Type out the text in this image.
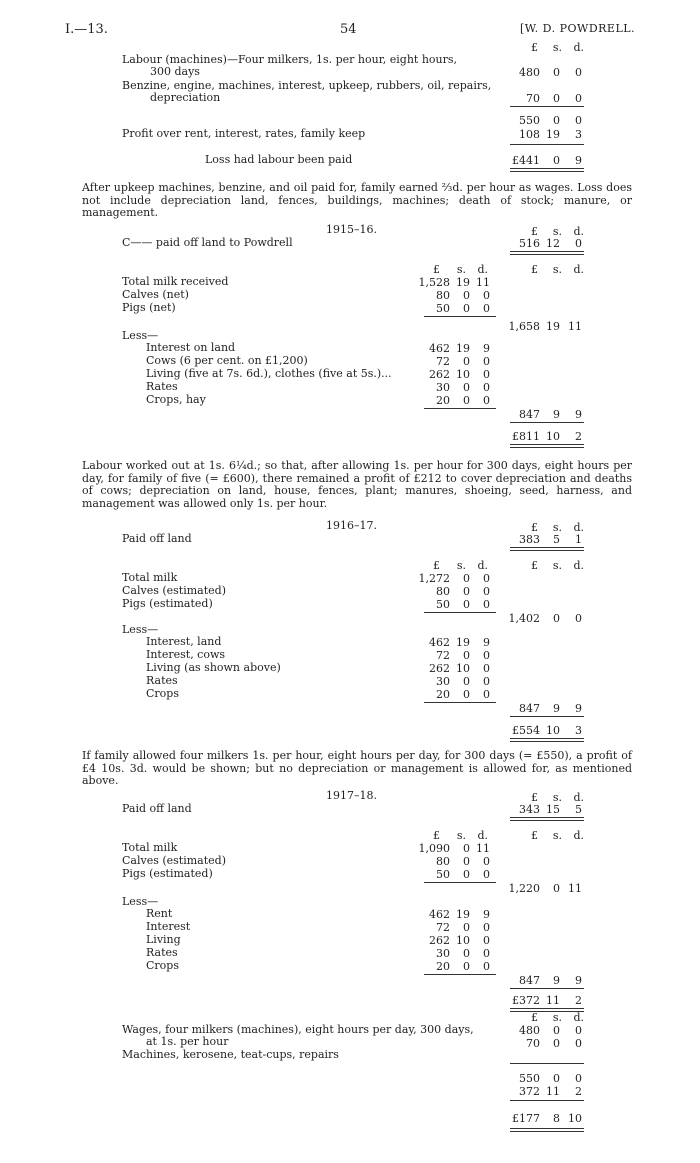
I.—13.	54	[W. D. POWDRELL.
£	s.	d.
Labour (machines)—Four milkers, 1s. per hour, eight hours,
300 days	480 0 0
Benzine, engine, machines, interest, upkeep, rubbers, oil, repairs,
depreciation	70 0 0
550 0 0
Profit over rent, interest, rates, family keep	108 19 3
Loss had labour been paid	£441 0 9
After upkeep machines, benzine, and oil paid for, family earned ⅔d. per hour as wages. Loss does not include depreciation land, fences, buildings, machines; death of stock; manure, or management.
1915–16.	£	s.	d.
C—— paid off land to Powdrell	516 12 0
£	s.	d.	£	s.	d.
Total milk received	1,528 19 11
Calves (net)	80 0 0
Pigs (net)	50 0 0
1,658 19 11
Less—
Interest on land	462 19 9
Cows (6 per cent. on £1,200)	72 0 0
Living (five at 7s. 6d.), clothes (five at 5s.)...	262 10 0
Rates	30 0 0
Crops, hay	20 0 0
847 9 9
£811 10 2
Labour worked out at 1s. 6¼d.; so that, after allowing 1s. per hour for 300 days, eight hours per day, for family of five (= £600), there remained a profit of £212 to cover depreciation and deaths of cows; depreciation on land, house, fences, plant; manures, shoeing, seed, harness, and management was allowed only 1s. per hour.
1916–17.	£	s.	d.
Paid off land	383 5 1
£	s.	d.	£	s.	d.
Total milk	1,272 0 0
Calves (estimated)	80 0 0
Pigs (estimated)	50 0 0
1,402 0 0
Less—
Interest, land	462 19 9
Interest, cows	72 0 0
Living (as shown above)	262 10 0
Rates	30 0 0
Crops	20 0 0
847 9 9
£554 10 3
If family allowed four milkers 1s. per hour, eight hours per day, for 300 days (= £550), a profit of £4 10s. 3d. would be shown; but no depreciation or management is allowed for, as mentioned above.
1917–18.	£	s.	d.
Paid off land	343 15 5
£	s.	d.	£	s.	d.
Total milk	1,090 0 11
Calves (estimated)	80 0 0
Pigs (estimated)	50 0 0
1,220 0 11
Less—
Rent	462 19 9
Interest	72 0 0
Living	262 10 0
Rates	30 0 0
Crops	20 0 0
847 9 9
£372 11 2
£	s.	d.
Wages, four milkers (machines), eight hours per day, 300 days,
at 1s. per hour
480 0 0
Machines, kerosene, teat-cups, repairs
70 0 0
550 0 0
372 11 2
£177 8 10
